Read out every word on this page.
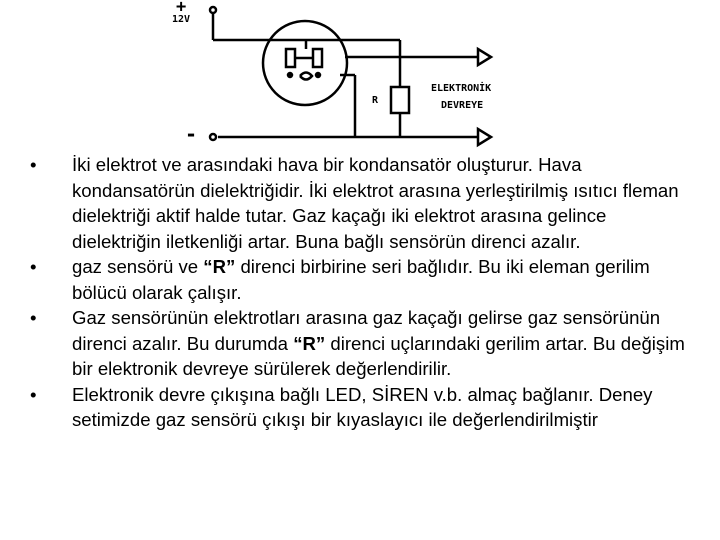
+
12V
-
R
ELEKTRONİK
DEVREYE
• İki elektrot ve arasındaki hava bir kondansatör oluşturur. Hava kondansatörün dielektriğidir. İki elektrot arasına yerleştirilmiş ısıtıcı fleman dielektriği aktif halde tutar. Gaz kaçağı iki elektrot arasına gelince dielektriğin iletkenliği artar. Buna bağlı sensörün direnci azalır.
• gaz sensörü ve “R” direnci birbirine seri bağlıdır. Bu iki eleman gerilim bölücü olarak çalışır.
• Gaz sensörünün elektrotları arasına gaz kaçağı gelirse gaz sensörünün direnci azalır. Bu durumda “R” direnci uçlarındaki gerilim artar. Bu değişim bir elektronik devreye sürülerek değerlendirilir.
• Elektronik devre çıkışına bağlı LED, SİREN v.b. almaç bağlanır. Deney setimizde gaz sensörü çıkışı bir kıyaslayıcı ile değerlendirilmiştir
